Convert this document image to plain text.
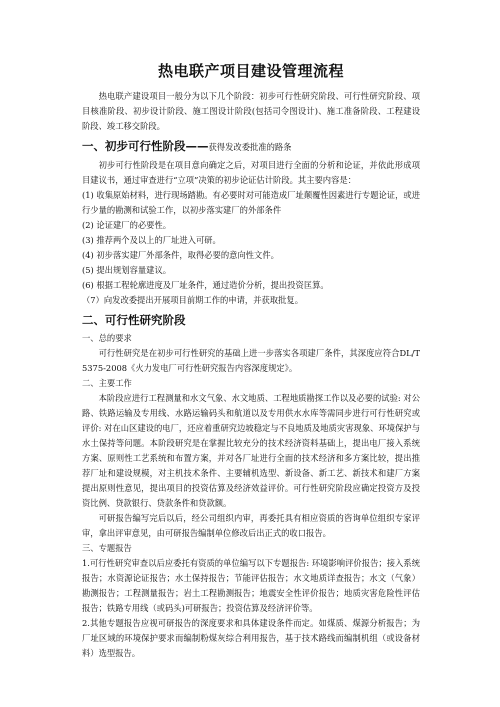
热电联产项目建设管理流程

热电联产建设项目一般分为以下几个阶段：初步可行性研究阶段、可行性研究阶段、项目核准阶段、初步设计阶段、施工图设计阶段(包括司令图设计)、施工准备阶段、工程建设阶段、竣工移交阶段。

一、初步可行性阶段——获得发改委批准的路条

初步可行性阶段是在项目意向确定之后，对项目进行全面的分析和论证，并依此形成项目建议书，通过审查进行“立项”决策的初步论证估计阶段。其主要内容是：

(1) 收集原始材料，进行现场踏勘。有必要时对可能造成厂址颠覆性因素进行专题论证，或进行少量的勘测和试验工作，以初步落实建厂的外部条件

(2) 论证建厂的必要性。

(3) 推荐两个及以上的厂址进入可研。

(4) 初步落实建厂外部条件，取得必要的意向性文件。

(5) 提出规划容量建议。

(6) 根据工程轮廓进度及厂址条件，通过造价分析，提出投资匡算。

（7）向发改委提出开展项目前期工作的申请，并获取批复。

二、可行性研究阶段

一、总的要求

可行性研究是在初步可行性研究的基础上进一步落实各项建厂条件，其深度应符合DL/T 5375-2008《火力发电厂可行性研究报告内容深度规定》。

二、主要工作

本阶段应进行工程测量和水文气象、水文地质、工程地质勘探工作以及必要的试验: 对公路、铁路运输及专用线、水路运输码头和航道以及专用供水水库等需同步进行可行性研究或评价: 对在山区建设的电厂，还应着重研究边坡稳定与不良地质及地质灾害现象、环境保护与水土保持等问题。本阶段研究是在掌握比较充分的技术经济资料基础上，提出电厂接入系统方案、原则性工艺系统和布置方案，并对各厂址进行全面的技术经济和多方案比较，提出推荐厂址和建设规模，对主机技术条件、主要辅机选型、新设备、新工艺、新技术和建厂方案提出原则性意见，提出项目的投资估算及经济效益评价。可行性研究阶段应确定投资方及投资比例、贷款银行、贷款条件和贷款额。

可研报告编写完后以后，经公司组织内审，再委托具有相应资质的咨询单位组织专家评审，拿出评审意见，由可研报告编制单位修改后出正式的收口报告。

三、专题报告

1.可行性研究审查以后应委托有资质的单位编写以下专题报告: 环境影响评价报告；接入系统报告；水资源论证报告；水土保持报告；节能评估报告；水文地质详查报告；水文（气象）勘测报告；工程测量报告；岩土工程勘测报告；地震安全性评价报告；地质灾害危险性评估报告；铁路专用线（或码头)可研报告；投资估算及经济评价等。

2.其他专题报告应视可研报告的深度要求和具体建设条件而定。如煤质、煤源分析报告；为厂址区域的环境保护要求而编制粉煤灰综合利用报告，基于技术路线而编制机组（或设备材料）选型报告。
